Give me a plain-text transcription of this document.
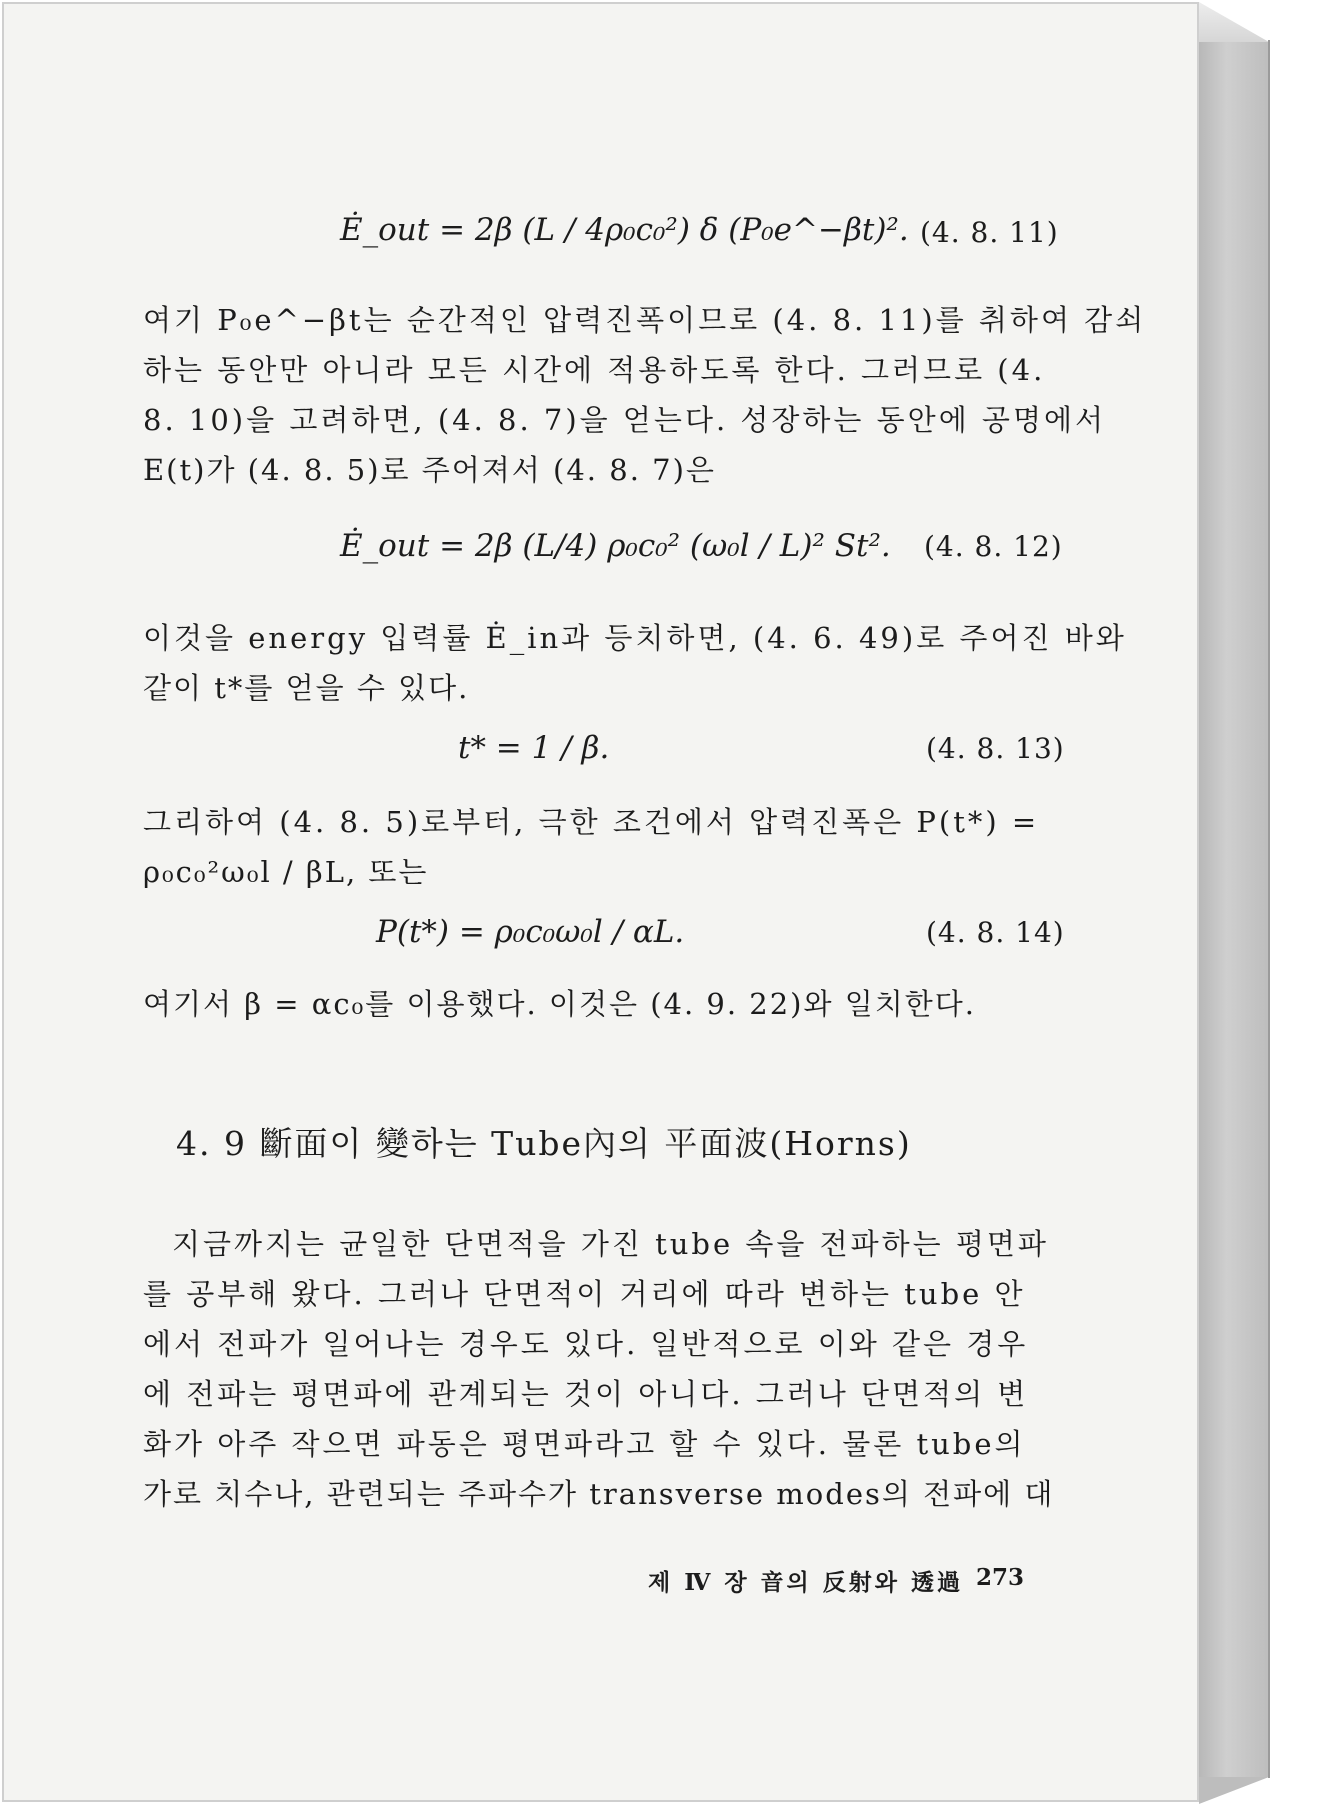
Ė_out = 2β (L / 4ρ₀c₀²) δ (P₀e^−βt)². (4. 8. 11)
여기 P₀e^−βt는 순간적인 압력진폭이므로 (4. 8. 11)를 취하여 감쇠
하는 동안만 아니라 모든 시간에 적용하도록 한다. 그러므로 (4.
8. 10)을 고려하면, (4. 8. 7)을 얻는다. 성장하는 동안에 공명에서
E(t)가 (4. 8. 5)로 주어져서 (4. 8. 7)은
Ė_out = 2β (L/4) ρ₀c₀² (ω₀l / L)² St². (4. 8. 12)
이것을 energy 입력률 Ė_in과 등치하면, (4. 6. 49)로 주어진 바와
같이 t*를 얻을 수 있다.
t* = 1 / β.	(4. 8. 13)
그리하여 (4. 8. 5)로부터, 극한 조건에서 압력진폭은 P(t*) =
ρ₀c₀²ω₀l / βL, 또는
P(t*) = ρ₀c₀ω₀l / αL.	(4. 8. 14)
여기서 β = αc₀를 이용했다. 이것은 (4. 9. 22)와 일치한다.
4. 9 斷面이 變하는 Tube內의 平面波(Horns)
지금까지는 균일한 단면적을 가진 tube 속을 전파하는 평면파
를 공부해 왔다. 그러나 단면적이 거리에 따라 변하는 tube 안
에서 전파가 일어나는 경우도 있다. 일반적으로 이와 같은 경우
에 전파는 평면파에 관계되는 것이 아니다. 그러나 단면적의 변
화가 아주 작으면 파동은 평면파라고 할 수 있다. 물론 tube의
가로 치수나, 관련되는 주파수가 transverse modes의 전파에 대
제 Ⅳ 장 音의 反射와 透過 273
